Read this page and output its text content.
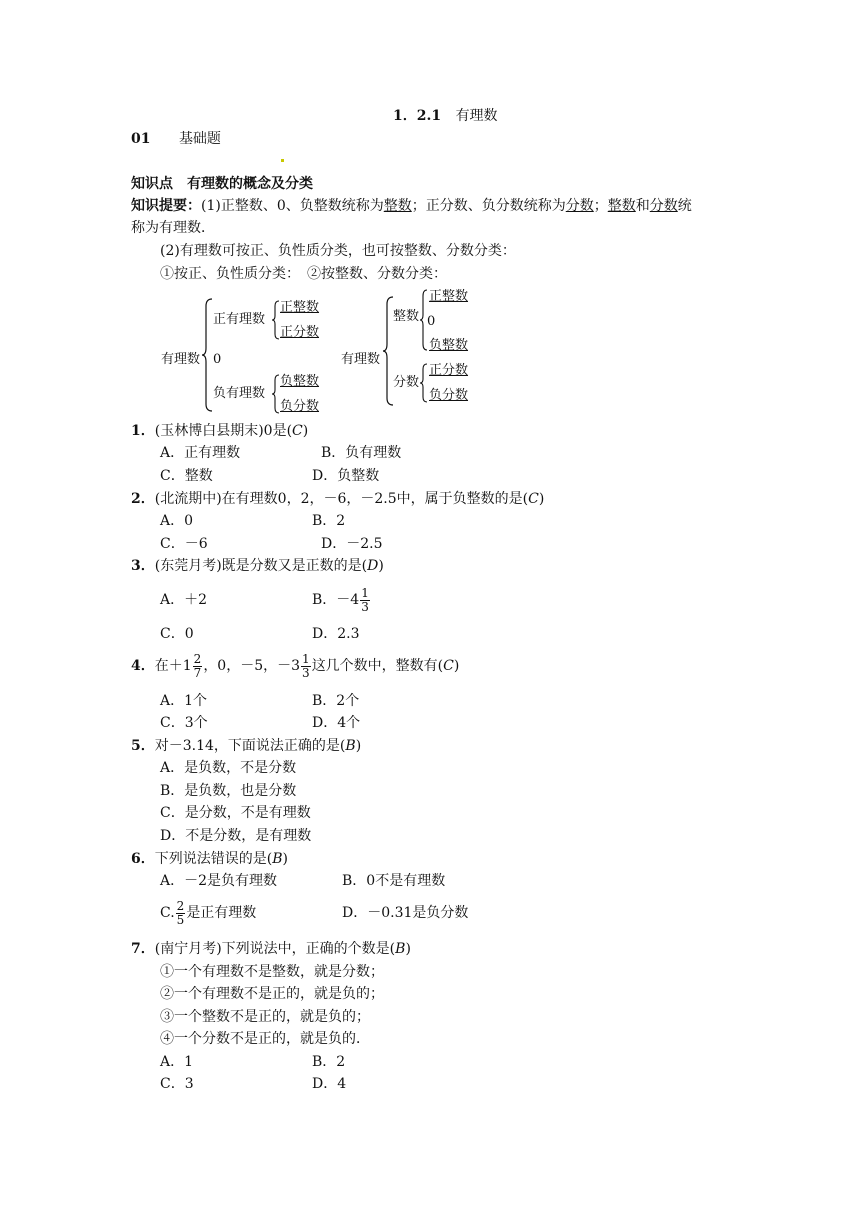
1．2.1 有理数
01 基础题
知识点　有理数的概念及分类
知识提要：(1)正整数、0、负整数统称为整数；正分数、负分数统称为分数；整数和分数统
称为有理数．
(2)有理数可按正、负性质分类，也可按整数、分数分类：
①按正、负性质分类：　②按整数、分数分类：
有理数
正有理数
正整数
正分数
0
负有理数
负整数
负分数
有理数
整数
正整数
0
负整数
分数
正分数
负分数
1．(玉林博白县期末)0是(C)
A．正有理数	B．负有理数
C．整数	D．负整数
2．(北流期中)在有理数0，2，－6，－2.5中，属于负整数的是(C)
A．0	B．2
C．－6	D．－2.5
3．(东莞月考)既是分数又是正数的是(D)
A．＋2	B．$-4 \frac{1}{3}$
C．0	D．2.3
4．在$+1 \frac{2}{7}$ ，0，－5，$-3 \frac{1}{3}$ 这几个数中，整数有(C)
A．1个	B．2个
C．3个	D．4个
5．对－3.14，下面说法正确的是(B)
A．是负数，不是分数
B．是负数，也是分数
C．是分数，不是有理数
D．不是分数，是有理数
6．下列说法错误的是(B)
A．－2是负有理数	B．0不是有理数
C. $\frac{2}{5}$ 是正有理数	D．－0.31是负分数
7．(南宁月考)下列说法中，正确的个数是(B)
①一个有理数不是整数，就是分数；
②一个有理数不是正的，就是负的；
③一个整数不是正的，就是负的；
④一个分数不是正的，就是负的．
A．1	B．2
C．3	D．4
